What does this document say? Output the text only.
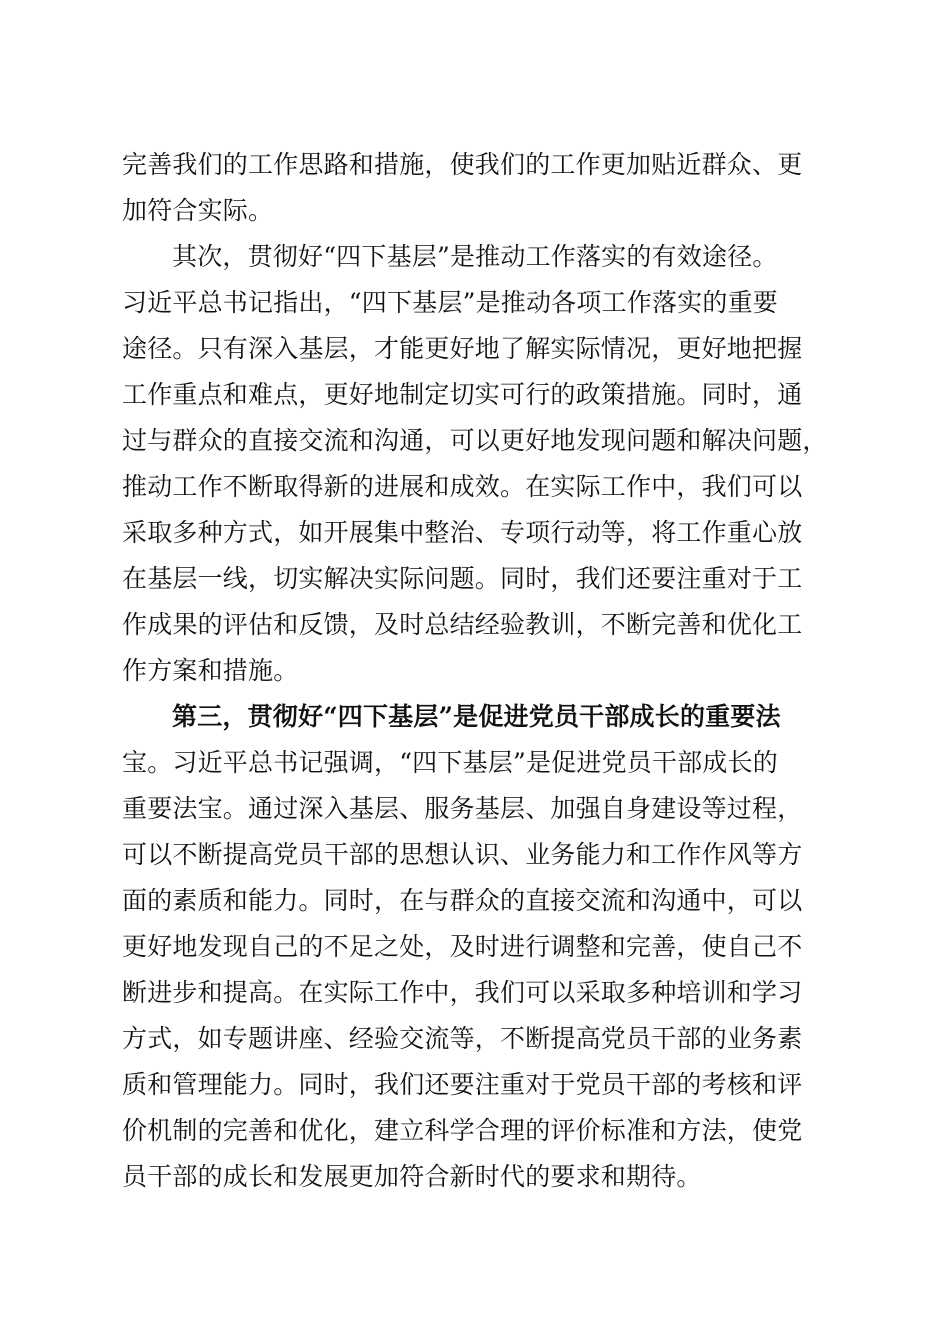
完善我们的工作思路和措施，使我们的工作更加贴近群众、更
加符合实际。
其次，贯彻好“四下基层”是推动工作落实的有效途径。
习近平总书记指出，“四下基层”是推动各项工作落实的重要
途径。只有深入基层，才能更好地了解实际情况，更好地把握
工作重点和难点，更好地制定切实可行的政策措施。同时，通
过与群众的直接交流和沟通，可以更好地发现问题和解决问题，
推动工作不断取得新的进展和成效。在实际工作中，我们可以
采取多种方式，如开展集中整治、专项行动等，将工作重心放
在基层一线，切实解决实际问题。同时，我们还要注重对于工
作成果的评估和反馈，及时总结经验教训，不断完善和优化工
作方案和措施。
第三，贯彻好“四下基层”是促进党员干部成长的重要法
宝。习近平总书记强调，“四下基层”是促进党员干部成长的
重要法宝。通过深入基层、服务基层、加强自身建设等过程，
可以不断提高党员干部的思想认识、业务能力和工作作风等方
面的素质和能力。同时，在与群众的直接交流和沟通中，可以
更好地发现自己的不足之处，及时进行调整和完善，使自己不
断进步和提高。在实际工作中，我们可以采取多种培训和学习
方式，如专题讲座、经验交流等，不断提高党员干部的业务素
质和管理能力。同时，我们还要注重对于党员干部的考核和评
价机制的完善和优化，建立科学合理的评价标准和方法，使党
员干部的成长和发展更加符合新时代的要求和期待。
